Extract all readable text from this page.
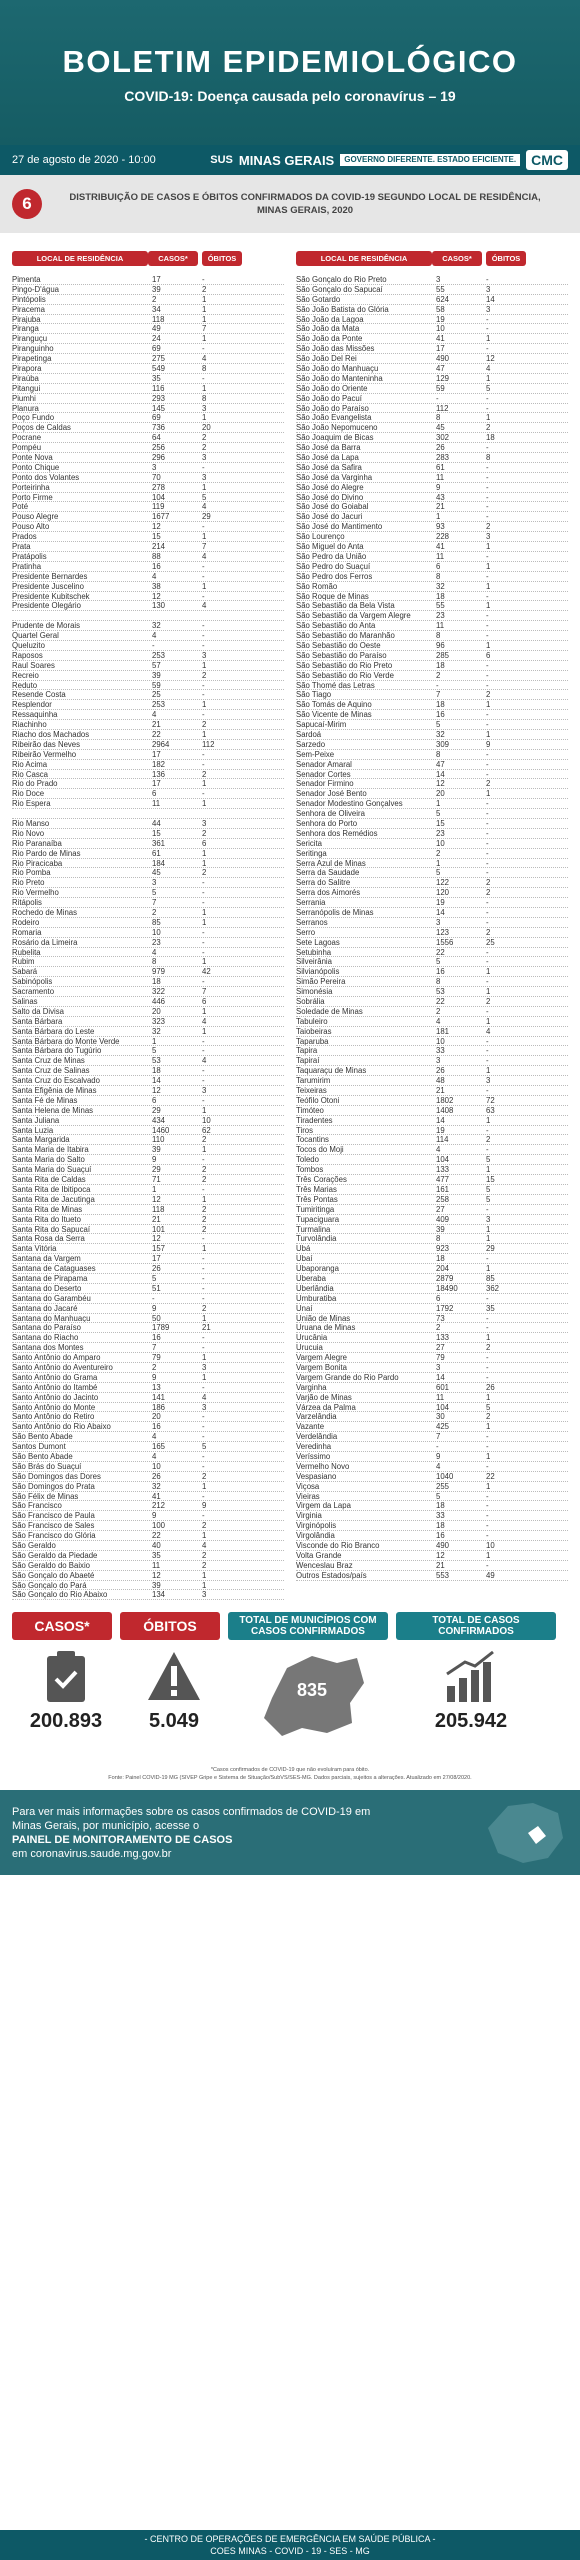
BOLETIM EPIDEMIOLÓGICO
COVID-19: Doença causada pelo coronavírus – 19
27 de agosto de 2020 - 10:00	SUS MINAS GERAIS	GOVERNO DIFERENTE. ESTADO EFICIENTE.	CMC
6	DISTRIBUIÇÃO DE CASOS E ÓBITOS CONFIRMADOS DA COVID-19 SEGUNDO LOCAL DE RESIDÊNCIA, MINAS GERAIS, 2020
LOCAL DE RESIDÊNCIA	CASOS*	ÓBITOS
Pimenta	17	-
Pingo-D'água	39	2
Pintópolis	2	1
Piracema	34	1
Pirajuba	118	1
Piranga	49	7
Piranguçu	24	1
Piranguinho	69	-
Pirapetinga	275	4
Pirapora	549	8
Piraúba	35	-
Pitangui	116	1
Piumhi	293	8
Planura	145	3
Poço Fundo	69	1
Poços de Caldas	736	20
Pocrane	64	2
Pompéu	256	2
Ponte Nova	296	3
Ponto Chique	3	-
Ponto dos Volantes	70	3
Porteirinha	278	1
Porto Firme	104	5
Poté	119	4
Pouso Alegre	1677	29
Pouso Alto	12	-
Prados	15	1
Prata	214	7
Pratápolis	88	4
Pratinha	16	-
Presidente Bernardes	4	-
Presidente Juscelino	38	1
Presidente Kubitschek	12	-
Presidente Olegário	130	4
Prudente de Morais	32	-
Quartel Geral	4	-
Queluzito	-	-
Raposos	253	3
Raul Soares	57	1
Recreio	39	2
Reduto	59	-
Resende Costa	25	-
Resplendor	253	1
Ressaquinha	4	-
Riachinho	21	2
Riacho dos Machados	22	1
Ribeirão das Neves	2964	112
Ribeirão Vermelho	17	-
Rio Acima	182	-
Rio Casca	136	2
Rio do Prado	17	1
Rio Doce	6	-
Rio Espera	11	1
Rio Manso	44	3
Rio Novo	15	2
Rio Paranaíba	361	6
Rio Pardo de Minas	61	1
Rio Piracicaba	184	1
Rio Pomba	45	2
Rio Preto	3	-
Rio Vermelho	5	-
Ritápolis	7	-
Rochedo de Minas	2	1
Rodeiro	85	1
Romaria	10	-
Rosário da Limeira	23	-
Rubelita	4	-
Rubim	8	1
Sabará	979	42
Sabinópolis	18	-
Sacramento	322	7
Salinas	446	6
Salto da Divisa	20	1
Santa Bárbara	323	4
Santa Bárbara do Leste	32	1
Santa Bárbara do Monte Verde	1	-
Santa Bárbara do Tugúrio	5	-
Santa Cruz de Minas	53	4
Santa Cruz de Salinas	18	-
Santa Cruz do Escalvado	14	-
Santa Efigênia de Minas	12	3
Santa Fé de Minas	6	-
Santa Helena de Minas	29	1
Santa Juliana	434	10
Santa Luzia	1460	62
Santa Margarida	110	2
Santa Maria de Itabira	39	1
Santa Maria do Salto	9	-
Santa Maria do Suaçuí	29	2
Santa Rita de Caldas	71	2
Santa Rita de Ibitipoca	1	-
Santa Rita de Jacutinga	12	1
Santa Rita de Minas	118	2
Santa Rita do Itueto	21	2
Santa Rita do Sapucaí	101	2
Santa Rosa da Serra	12	-
Santa Vitória	157	1
Santana da Vargem	17	-
Santana de Cataguases	26	-
Santana de Pirapama	5	-
Santana do Deserto	51	-
Santana do Garambéu	-	-
Santana do Jacaré	9	2
Santana do Manhuaçu	50	1
Santana do Paraíso	1789	21
Santana do Riacho	16	-
Santana dos Montes	7	-
Santo Antônio do Amparo	79	1
Santo Antônio do Aventureiro	2	3
Santo Antônio do Grama	9	1
Santo Antônio do Itambé	13	-
Santo Antônio do Jacinto	141	4
Santo Antônio do Monte	186	3
Santo Antônio do Retiro	20	-
Santo Antônio do Rio Abaixo	16	-
São Bento Abade	4	-
Santos Dumont	165	5
São Bento Abade	4	-
São Brás do Suaçuí	10	-
São Domingos das Dores	26	2
São Domingos do Prata	32	1
São Félix de Minas	41	-
São Francisco	212	9
São Francisco de Paula	9	-
São Francisco de Sales	100	2
São Francisco do Glória	22	1
São Geraldo	40	4
São Geraldo da Piedade	35	2
São Geraldo do Baixio	11	2
São Gonçalo do Abaeté	12	1
São Gonçalo do Pará	39	1
São Gonçalo do Rio Abaixo	134	3
LOCAL DE RESIDÊNCIA	CASOS*	ÓBITOS
São Gonçalo do Rio Preto	3	-
São Gonçalo do Sapucaí	55	3
São Gotardo	624	14
São João Batista do Glória	58	3
São João da Lagoa	19	-
São João da Mata	10	-
São João da Ponte	41	1
São João das Missões	17	-
São João Del Rei	490	12
São João do Manhuaçu	47	4
São João do Manteninha	129	1
São João do Oriente	59	5
São João do Pacuí	-	-
São João do Paraíso	112	-
São João Evangelista	8	1
São João Nepomuceno	45	2
São Joaquim de Bicas	302	18
São José da Barra	26	-
São José da Lapa	283	8
São José da Safira	61	-
São José da Varginha	11	-
São José do Alegre	9	-
São José do Divino	43	-
São José do Goiabal	21	-
São José do Jacuri	1	-
São José do Mantimento	93	2
São Lourenço	228	3
São Miguel do Anta	41	1
São Pedro da União	11	-
São Pedro do Suaçuí	6	1
São Pedro dos Ferros	8	-
São Romão	32	1
São Roque de Minas	18	-
São Sebastião da Bela Vista	55	1
São Sebastião da Vargem Alegre	23	-
São Sebastião do Anta	11	-
São Sebastião do Maranhão	8	-
São Sebastião do Oeste	96	1
São Sebastião do Paraíso	285	6
São Sebastião do Rio Preto	18	-
São Sebastião do Rio Verde	2	-
São Thomé das Letras	-	-
São Tiago	7	2
São Tomás de Aquino	18	1
São Vicente de Minas	16	-
Sapucaí-Mirim	5	-
Sardoá	32	1
Sarzedo	309	9
Sem-Peixe	8	-
Senador Amaral	47	-
Senador Cortes	14	-
Senador Firmino	12	2
Senador José Bento	20	1
Senador Modestino Gonçalves	1	-
Senhora de Oliveira	5	-
Senhora do Porto	15	-
Senhora dos Remédios	23	-
Sericita	10	-
Seritinga	2	-
Serra Azul de Minas	1	-
Serra da Saudade	5	-
Serra do Salitre	122	2
Serra dos Aimorés	120	2
Serrania	19	-
Serranópolis de Minas	14	-
Serranos	3	-
Serro	123	2
Sete Lagoas	1556	25
Setubinha	22	-
Silveirânia	5	-
Silvianópolis	16	1
Simão Pereira	8	-
Simonésia	53	1
Sobrália	22	2
Soledade de Minas	2	-
Tabuleiro	4	1
Taiobeiras	181	4
Taparuba	10	-
Tapira	33	-
Tapiraí	3	-
Taquaraçu de Minas	26	1
Tarumirim	48	3
Teixeiras	21	-
Teófilo Otoni	1802	72
Timóteo	1408	63
Tiradentes	14	1
Tiros	19	-
Tocantins	114	2
Tocos do Moji	4	-
Toledo	104	5
Tombos	133	1
Três Corações	477	15
Três Marias	161	5
Três Pontas	258	5
Tumiritinga	27	-
Tupaciguara	409	3
Turmalina	39	1
Turvolândia	8	1
Ubá	923	29
Ubaí	18	-
Ubaporanga	204	1
Uberaba	2879	85
Uberlândia	18490	362
Umburatiba	6	-
Unaí	1792	35
União de Minas	73	-
Uruana de Minas	2	-
Urucânia	133	1
Urucuia	27	2
Vargem Alegre	79	-
Vargem Bonita	3	-
Vargem Grande do Rio Pardo	14	-
Varginha	601	26
Varjão de Minas	11	1
Várzea da Palma	104	5
Varzelândia	30	2
Vazante	425	1
Verdelândia	7	-
Veredinha	-	-
Veríssimo	9	1
Vermelho Novo	4	-
Vespasiano	1040	22
Viçosa	255	1
Vieiras	5	-
Virgem da Lapa	18	-
Virginia	33	-
Virginópolis	18	-
Virgolândia	16	-
Visconde do Rio Branco	490	10
Volta Grande	12	1
Wenceslau Braz	21	-
Outros Estados/país	553	49
CASOS*	ÓBITOS	TOTAL DE MUNICÍPIOS COM CASOS CONFIRMADOS
TOTAL DE CASOS CONFIRMADOS
200.893 5.049
835
205.942
*Casos confirmados de COVID-19 que não evoluíram para óbito.
Fonte: Painel COVID-19 MG (SIVEP Gripe e Sistema de Situação/SubVS/SES-MG. Dados parciais, sujeitos a alterações. Atualizado em 27/08/2020.
Para ver mais informações sobre os casos confirmados de COVID-19 em
Minas Gerais, por município, acesse o
PAINEL DE MONITORAMENTO DE CASOS
em coronavirus.saude.mg.gov.br
- CENTRO DE OPERAÇÕES DE EMERGÊNCIA EM SAÚDE PÚBLICA -
COES MINAS - COVID - 19 - SES - MG
